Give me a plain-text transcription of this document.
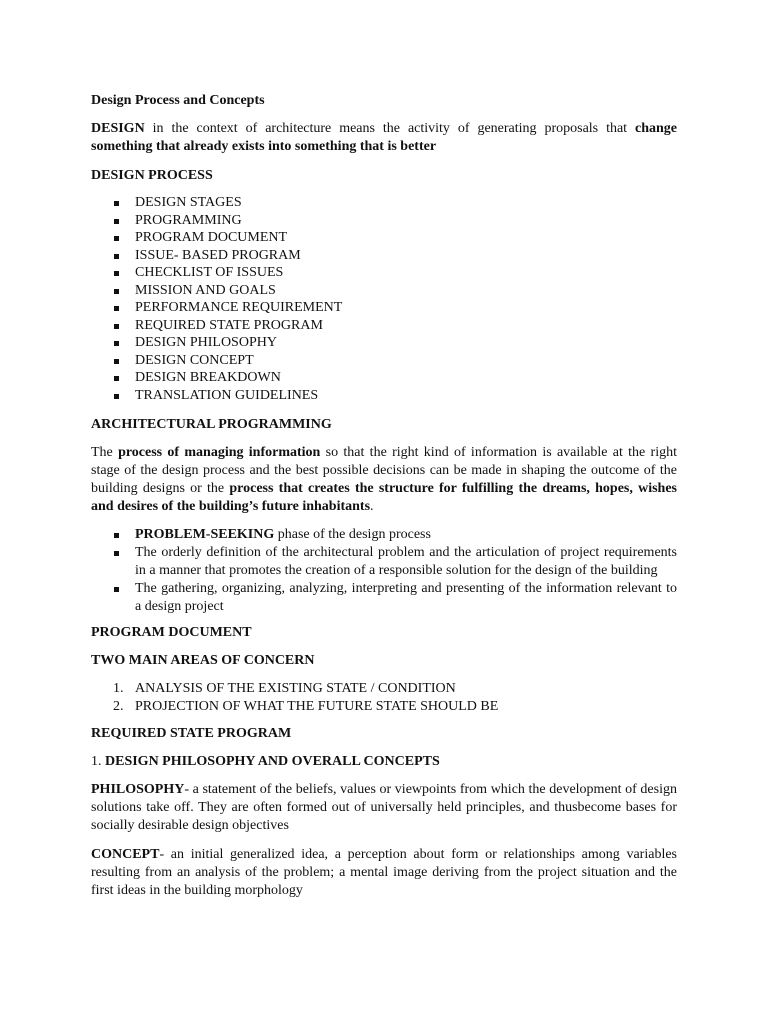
Design Process and Concepts

DESIGN in the context of architecture means the activity of generating proposals that change something that already exists into something that is better

DESIGN PROCESS
DESIGN STAGES
PROGRAMMING
PROGRAM DOCUMENT
ISSUE- BASED PROGRAM
CHECKLIST OF ISSUES
MISSION AND GOALS
PERFORMANCE REQUIREMENT
REQUIRED STATE PROGRAM
DESIGN PHILOSOPHY
DESIGN CONCEPT
DESIGN BREAKDOWN
TRANSLATION GUIDELINES
ARCHITECTURAL PROGRAMMING

The process of managing information so that the right kind of information is available at the right stage of the design process and the best possible decisions can be made in shaping the outcome of the building designs or the process that creates the structure for fulfilling the dreams, hopes, wishes and desires of the building’s future inhabitants.

PROBLEM-SEEKING phase of the design process
The orderly definition of the architectural problem and the articulation of project requirements in a manner that promotes the creation of a responsible solution for the design of the building
The gathering, organizing, analyzing, interpreting and presenting of the information relevant to a design project
PROGRAM DOCUMENT
TWO MAIN AREAS OF CONCERN
1. ANALYSIS OF THE EXISTING STATE / CONDITION
2. PROJECTION OF WHAT THE FUTURE STATE SHOULD BE
REQUIRED STATE PROGRAM
1. DESIGN PHILOSOPHY AND OVERALL CONCEPTS

PHILOSOPHY- a statement of the beliefs, values or viewpoints from which the development of design solutions take off. They are often formed out of universally held principles, and thusbecome bases for socially desirable design objectives

CONCEPT- an initial generalized idea, a perception about form or relationships among variables resulting from an analysis of the problem; a mental image deriving from the project situation and the first ideas in the building morphology
